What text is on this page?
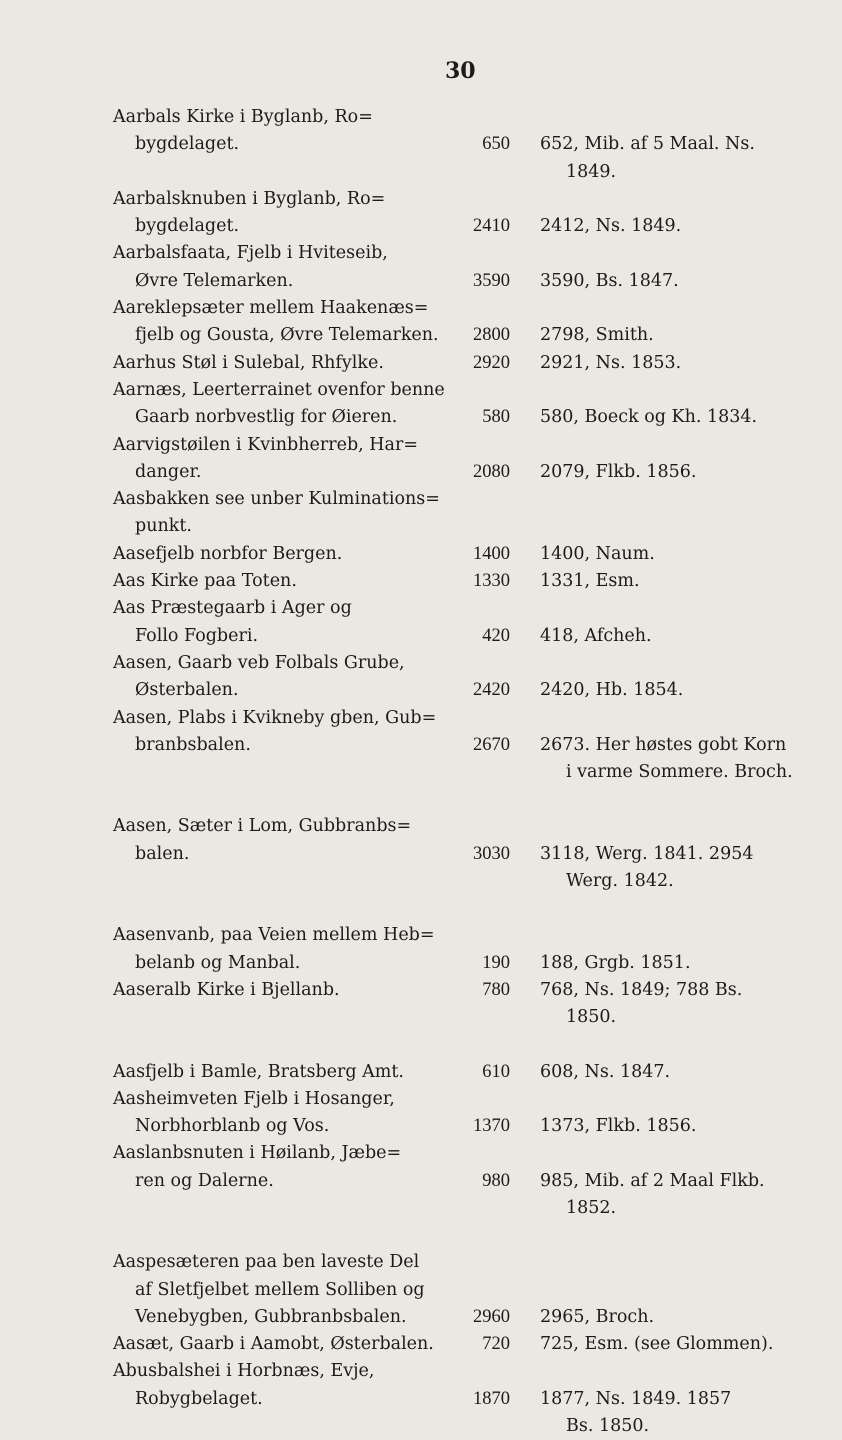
30
Aarbals Kirke i Byglanb, Ro=
bygdelaget.	650 652, Mib. af 5 Maal. Ns.
1849.
Aarbalsknuben i Byglanb, Ro=
bygdelaget.	2410 2412, Ns. 1849.
Aarbalsfaata, Fjelb i Hviteseib,
Øvre Telemarken.	3590 3590, Bs. 1847.
Aareklepsæter mellem Haakenæs=
fjelb og Gousta, Øvre Telemarken.	2800 2798, Smith.
Aarhus Støl i Sulebal, Rhfylke.	2920 2921, Ns. 1853.
Aarnæs, Leerterrainet ovenfor benne
Gaarb norbvestlig for Øieren.	580 580, Boeck og Kh. 1834.
Aarvigstøilen i Kvinbherreb, Har=
danger.	2080 2079, Flkb. 1856.
Aasbakken see unber Kulminations=
punkt.
Aasefjelb norbfor Bergen.	1400 1400, Naum.
Aas Kirke paa Toten.	1330 1331, Esm.
Aas Præstegaarb i Ager og
Follo Fogberi.	420 418, Afcheh.
Aasen, Gaarb veb Folbals Grube,
Østerbalen.	2420 2420, Hb. 1854.
Aasen, Plabs i Kvikneby gben, Gub=
branbsbalen.	2670 2673. Her høstes gobt Korn
i varme Sommere. Broch.
Aasen, Sæter i Lom, Gubbranbs=
balen.	3030 3118, Werg. 1841. 2954
Werg. 1842.
Aasenvanb, paa Veien mellem Heb=
belanb og Manbal.	190 188, Grgb. 1851.
Aaseralb Kirke i Bjellanb.	780 768, Ns. 1849; 788 Bs.
1850.
Aasfjelb i Bamle, Bratsberg Amt.	610 608, Ns. 1847.
Aasheimveten Fjelb i Hosanger,
Norbhorblanb og Vos.	1370 1373, Flkb. 1856.
Aaslanbsnuten i Høilanb, Jæbe=
ren og Dalerne.	980 985, Mib. af 2 Maal Flkb.
1852.
Aaspesæteren paa ben laveste Del
af Sletfjelbet mellem Solliben og
Venebygben, Gubbranbsbalen.	2960 2965, Broch.
Aasæt, Gaarb i Aamobt, Østerbalen.	720 725, Esm. (see Glommen).
Abusbalshei i Horbnæs, Evje,
Robygbelaget.	1870 1877, Ns. 1849. 1857
Bs. 1850.
